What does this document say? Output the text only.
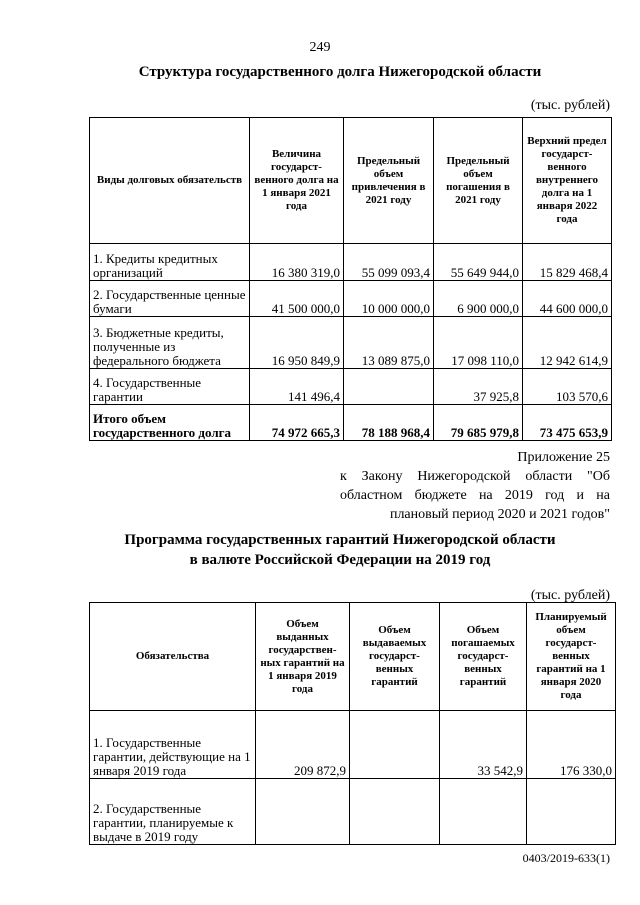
249
Структура государственного долга Нижегородской области
(тыс. рублей)
Виды долговых обязательств	Величина государст-венного долга на 1 января 2021 года	Предельный объем привлечения в 2021 году	Предельный объем погашения в 2021 году	Верхний предел государст-венного внутреннего долга на 1 января 2022 года
1. Кредиты кредитных организаций	16 380 319,0	55 099 093,4	55 649 944,0	15 829 468,4
2. Государственные ценные бумаги	41 500 000,0	10 000 000,0	6 900 000,0	44 600 000,0
3. Бюджетные кредиты, полученные из федерального бюджета	16 950 849,9	13 089 875,0	17 098 110,0	12 942 614,9
4. Государственные гарантии	141 496,4		37 925,8	103 570,6
Итого объем государственного долга	74 972 665,3	78 188 968,4	79 685 979,8	73 475 653,9
Приложение 25
к Закону Нижегородской области "Об
областном бюджете на 2019 год и на
плановый период 2020 и 2021 годов"
Программа государственных гарантий Нижегородской области
в валюте Российской Федерации на 2019 год
(тыс. рублей)
Обязательства	Объем выданных государствен-ных гарантий на 1 января 2019 года	Объем выдаваемых государст-венных гарантий	Объем погашаемых государст-венных гарантий	Планируемый объем государст-венных гарантий на 1 января 2020 года
1. Государственные гарантии, действующие на 1 января 2019 года	209 872,9		33 542,9	176 330,0
2. Государственные гарантии, планируемые к выдаче в 2019 году				
0403/2019-633(1)
